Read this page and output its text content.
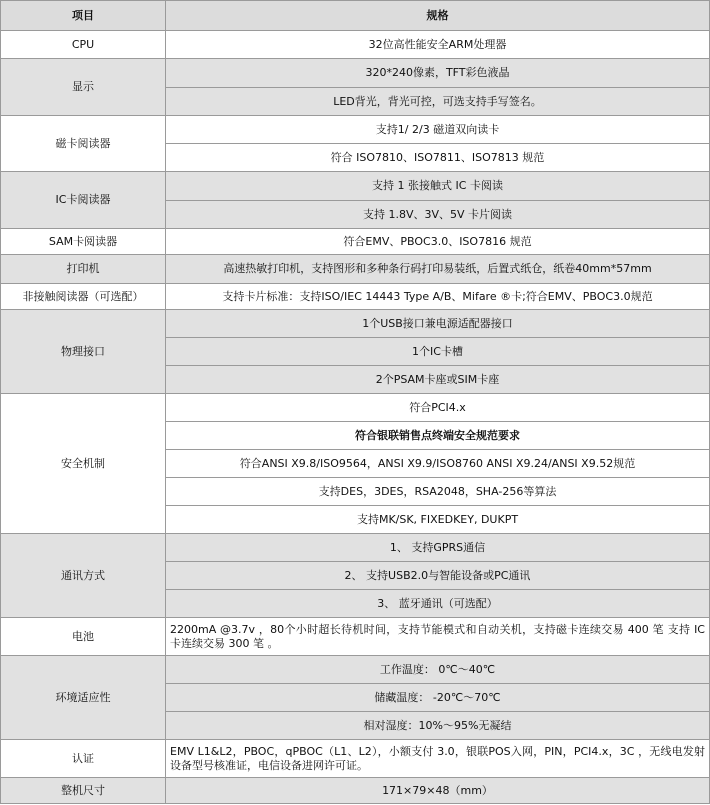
项目	规格
CPU	32位高性能安全ARM处理器
显示	320*240像素，TFT彩色液晶
	LED背光，背光可控，可选支持手写签名。
磁卡阅读器	支持1/ 2/3 磁道双向读卡
	符合 ISO7810、ISO7811、ISO7813 规范
IC卡阅读器	支持 1 张接触式 IC 卡阅读
	支持 1.8V、3V、5V 卡片阅读
SAM卡阅读器	符合EMV、PBOC3.0、ISO7816 规范
打印机	高速热敏打印机，支持图形和多种条行码打印易装纸，后置式纸仓，纸卷40mm*57mm
非接触阅读器（可选配）	支持卡片标准：支持ISO/IEC 14443 Type A/B、Mifare ®卡;符合EMV、PBOC3.0规范
物理接口	1个USB接口兼电源适配器接口
	1个IC卡槽
	2个PSAM卡座或SIM卡座
安全机制	符合PCI4.x
	符合银联销售点终端安全规范要求
	符合ANSI X9.8/ISO9564，ANSI X9.9/ISO8760 ANSI X9.24/ANSI X9.52规范
	支持DES，3DES，RSA2048，SHA-256等算法
	支持MK/SK, FIXEDKEY, DUKPT
通讯方式	1、 支持GPRS通信
	2、 支持USB2.0与智能设备或PC通讯
	3、 蓝牙通讯（可选配）
电池	2200mA @3.7v ，80个小时超长待机时间，支持节能模式和自动关机，支持磁卡连续交易 400 笔 支持 IC 卡连续交易 300 笔 。
环境适应性	工作温度： 0℃～40℃
	储藏温度： -20℃～70℃
	相对湿度：10%～95%无凝结
认证	EMV L1&L2，PBOC，qPBOC（L1、L2），小额支付 3.0，银联POS入网，PIN，PCI4.x，3C ，无线电发射设备型号核准证，电信设备进网许可证。
整机尺寸	171×79×48（mm）
